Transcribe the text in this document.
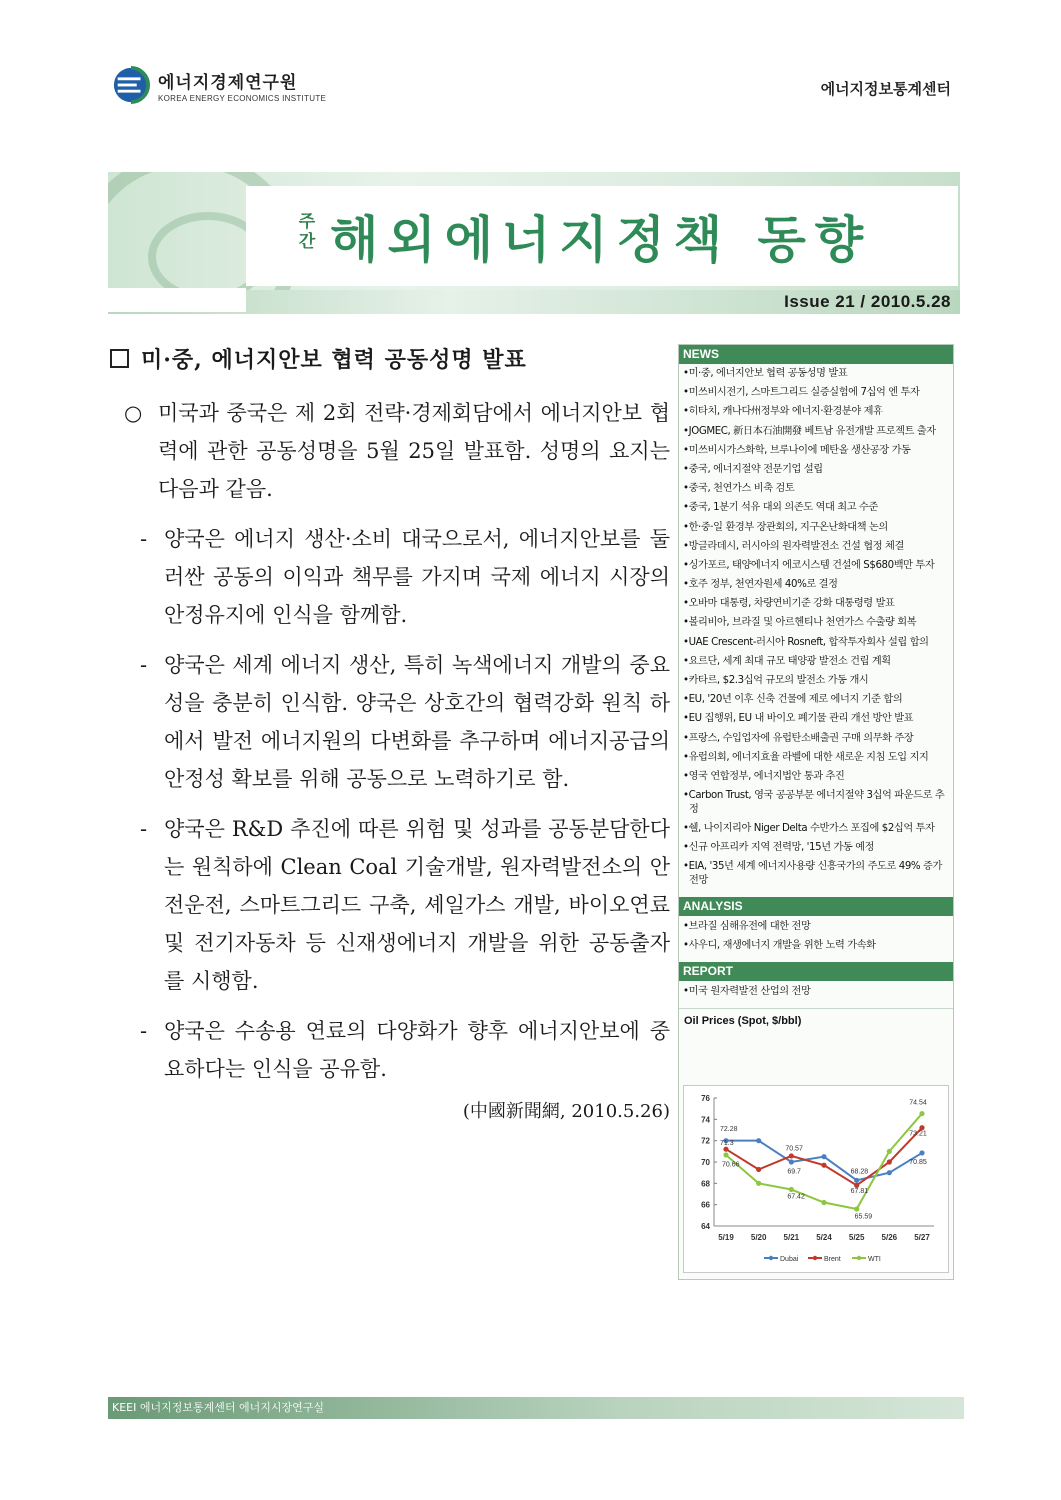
에너지경제연구원
KOREA ENERGY ECONOMICS INSTITUTE	에너지정보통계센터
주간 해외에너지정책 동향
Issue 21 / 2010.5.28
미·중, 에너지안보 협력 공동성명 발표
○ 미국과 중국은 제 2회 전략·경제회담에서 에너지안보 협력에 관한 공동성명을 5월 25일 발표함. 성명의 요지는 다음과 같음.
- 양국은 에너지 생산·소비 대국으로서, 에너지안보를 둘러싼 공동의 이익과 책무를 가지며 국제 에너지 시장의 안정유지에 인식을 함께함.
- 양국은 세계 에너지 생산, 특히 녹색에너지 개발의 중요성을 충분히 인식함. 양국은 상호간의 협력강화 원칙 하에서 발전 에너지원의 다변화를 추구하며 에너지공급의 안정성 확보를 위해 공동으로 노력하기로 함.
- 양국은 R&D 추진에 따른 위험 및 성과를 공동분담한다는 원칙하에 Clean Coal 기술개발, 원자력발전소의 안전운전, 스마트그리드 구축, 셰일가스 개발, 바이오연료 및 전기자동차 등 신재생에너지 개발을 위한 공동출자를 시행함.
- 양국은 수송용 연료의 다양화가 향후 에너지안보에 중요하다는 인식을 공유함.
(中國新聞網, 2010.5.26)
NEWS
•미·중, 에너지안보 협력 공동성명 발표
•미쓰비시전기, 스마트그리드 실증실험에 7십억 엔 투자
•히타치, 캐나다州정부와 에너지·환경분야 제휴
•JOGMEC, 新日本石油開發 베트남 유전개발 프로젝트 출자
•미쓰비시가스화학, 브루나이에 메탄올 생산공장 가동
•중국, 에너지절약 전문기업 설립
•중국, 천연가스 비축 검토
•중국, 1분기 석유 대외 의존도 역대 최고 수준
•한·중·일 환경부 장관회의, 지구온난화대책 논의
•방글라데시, 러시아의 원자력발전소 건설 협정 체결
•싱가포르, 태양에너지 에코시스템 건설에 S$680백만 투자
•호주 정부, 천연자원세 40%로 결정
•오바마 대통령, 차량연비기준 강화 대통령령 발표
•볼리비아, 브라질 및 아르헨티나 천연가스 수출량 회복
•UAE Crescent-러시아 Rosneft, 합작투자회사 설립 합의
•요르단, 세계 최대 규모 태양광 발전소 건립 계획
•카타르, $2.3십억 규모의 발전소 가동 개시
•EU, '20년 이후 신축 건물에 제로 에너지 기준 합의
•EU 집행위, EU 내 바이오 폐기물 관리 개선 방안 발표
•프랑스, 수입업자에 유럽탄소배출권 구매 의무화 주장
•유럽의회, 에너지효율 라벨에 대한 새로운 지침 도입 지지
•영국 연합정부, 에너지법안 통과 추진
•Carbon Trust, 영국 공공부문 에너지절약 3십억 파운드로 추정
•쉘, 나이지리아 Niger Delta 수반가스 포집에 $2십억 투자
•신규 아프리카 지역 전력망, '15년 가동 예정
•EIA, '35년 세계 에너지사용량 신흥국가의 주도로 49% 증가 전망
ANALYSIS
•브라질 심해유전에 대한 전망
•사우디, 재생에너지 개발을 위한 노력 가속화
REPORT
•미국 원자력발전 산업의 전망
Oil Prices (Spot, $/bbl)
64
66
68
70
72
74
76
5/19 5/20 5/21 5/24 5/25 5/26 5/27
72.28
71.3
70.66
70.57
69.7
67.42
68.28
67.81
65.59
74.54
73.21
70.85
Dubai	Brent	WTI
KEEI 에너지정보통계센터 에너지시장연구실
